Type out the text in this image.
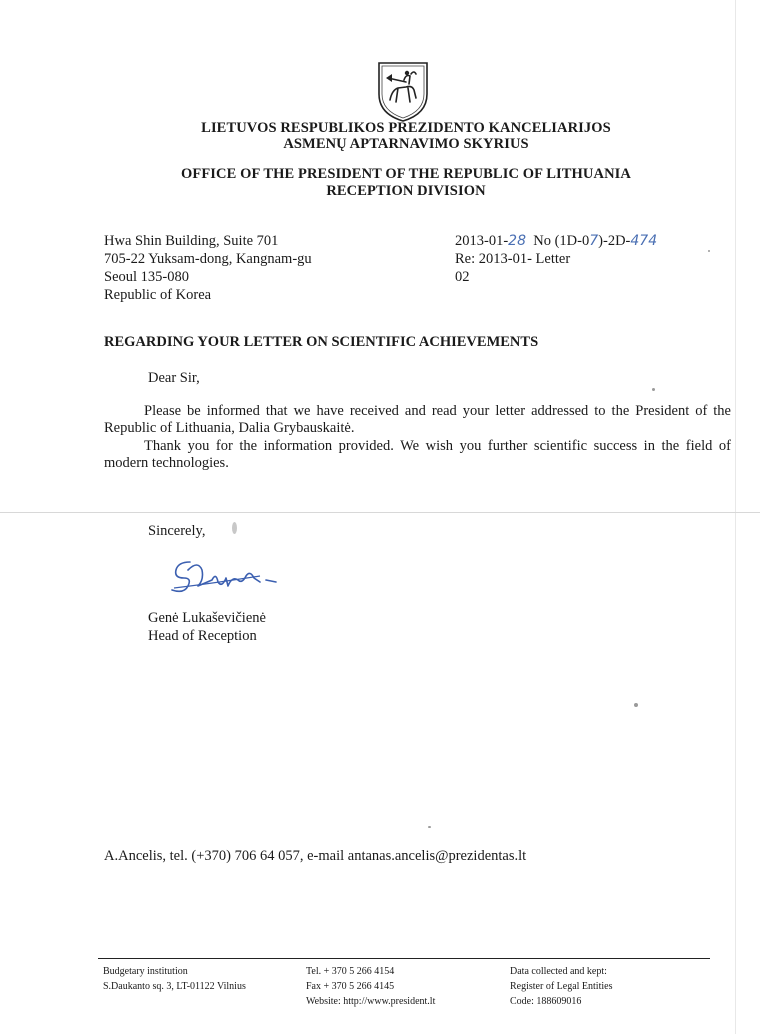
LIETUVOS RESPUBLIKOS PREZIDENTO KANCELIARIJOS
ASMENŲ APTARNAVIMO SKYRIUS
OFFICE OF THE PRESIDENT OF THE REPUBLIC OF LITHUANIA
RECEPTION DIVISION
Hwa Shin Building, Suite 701
705-22 Yuksam-dong, Kangnam-gu
Seoul 135-080
Republic of Korea
2013-01-28 No (1D-07)-2D-474
Re: 2013-01- Letter
02
REGARDING YOUR LETTER ON SCIENTIFIC ACHIEVEMENTS
Dear Sir,
Please be informed that we have received and read your letter addressed to the President of the Republic of Lithuania, Dalia Grybauskaitė.
Thank you for the information provided. We wish you further scientific success in the field of modern technologies.
Sincerely,
Genė Lukaševičienė
Head of Reception
A.Ancelis, tel. (+370) 706 64 057, e-mail antanas.ancelis@prezidentas.lt
Budgetary institution
S.Daukanto sq. 3, LT-01122 Vilnius
Tel. + 370 5 266 4154
Fax + 370 5 266 4145
Website: http://www.president.lt
Data collected and kept:
Register of Legal Entities
Code: 188609016
